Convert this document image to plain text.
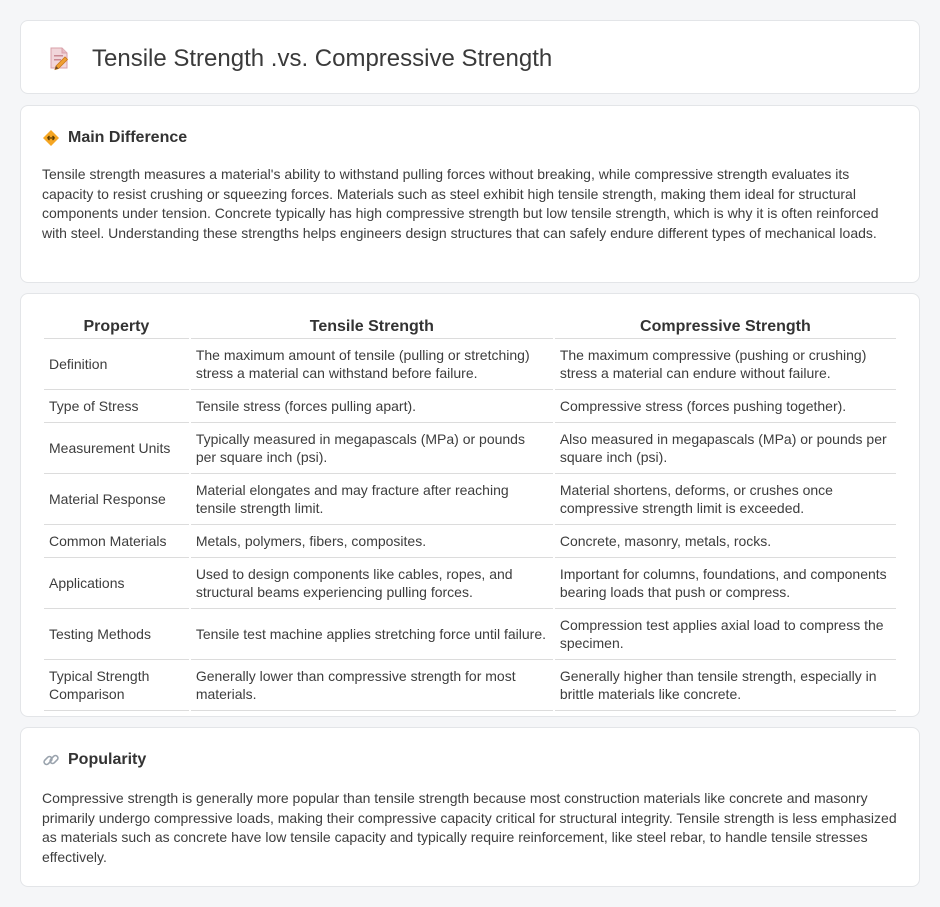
Tensile Strength .vs. Compressive Strength
Main Difference

Tensile strength measures a material's ability to withstand pulling forces without breaking, while compressive strength evaluates its capacity to resist crushing or squeezing forces. Materials such as steel exhibit high tensile strength, making them ideal for structural components under tension. Concrete typically has high compressive strength but low tensile strength, which is why it is often reinforced with steel. Understanding these strengths helps engineers design structures that can safely endure different types of mechanical loads.

Property	Tensile Strength	Compressive Strength
Definition	The maximum amount of tensile (pulling or stretching) stress a material can withstand before failure.	The maximum compressive (pushing or crushing) stress a material can endure without failure.
Type of Stress	Tensile stress (forces pulling apart).	Compressive stress (forces pushing together).
Measurement Units	Typically measured in megapascals (MPa) or pounds per square inch (psi).	Also measured in megapascals (MPa) or pounds per square inch (psi).
Material Response	Material elongates and may fracture after reaching tensile strength limit.	Material shortens, deforms, or crushes once compressive strength limit is exceeded.
Common Materials	Metals, polymers, fibers, composites.	Concrete, masonry, metals, rocks.
Applications	Used to design components like cables, ropes, and structural beams experiencing pulling forces.	Important for columns, foundations, and components bearing loads that push or compress.
Testing Methods	Tensile test machine applies stretching force until failure.	Compression test applies axial load to compress the specimen.
Typical Strength Comparison	Generally lower than compressive strength for most materials.	Generally higher than tensile strength, especially in brittle materials like concrete.
Popularity

Compressive strength is generally more popular than tensile strength because most construction materials like concrete and masonry primarily undergo compressive loads, making their compressive capacity critical for structural integrity. Tensile strength is less emphasized as materials such as concrete have low tensile capacity and typically require reinforcement, like steel rebar, to handle tensile stresses effectively.
